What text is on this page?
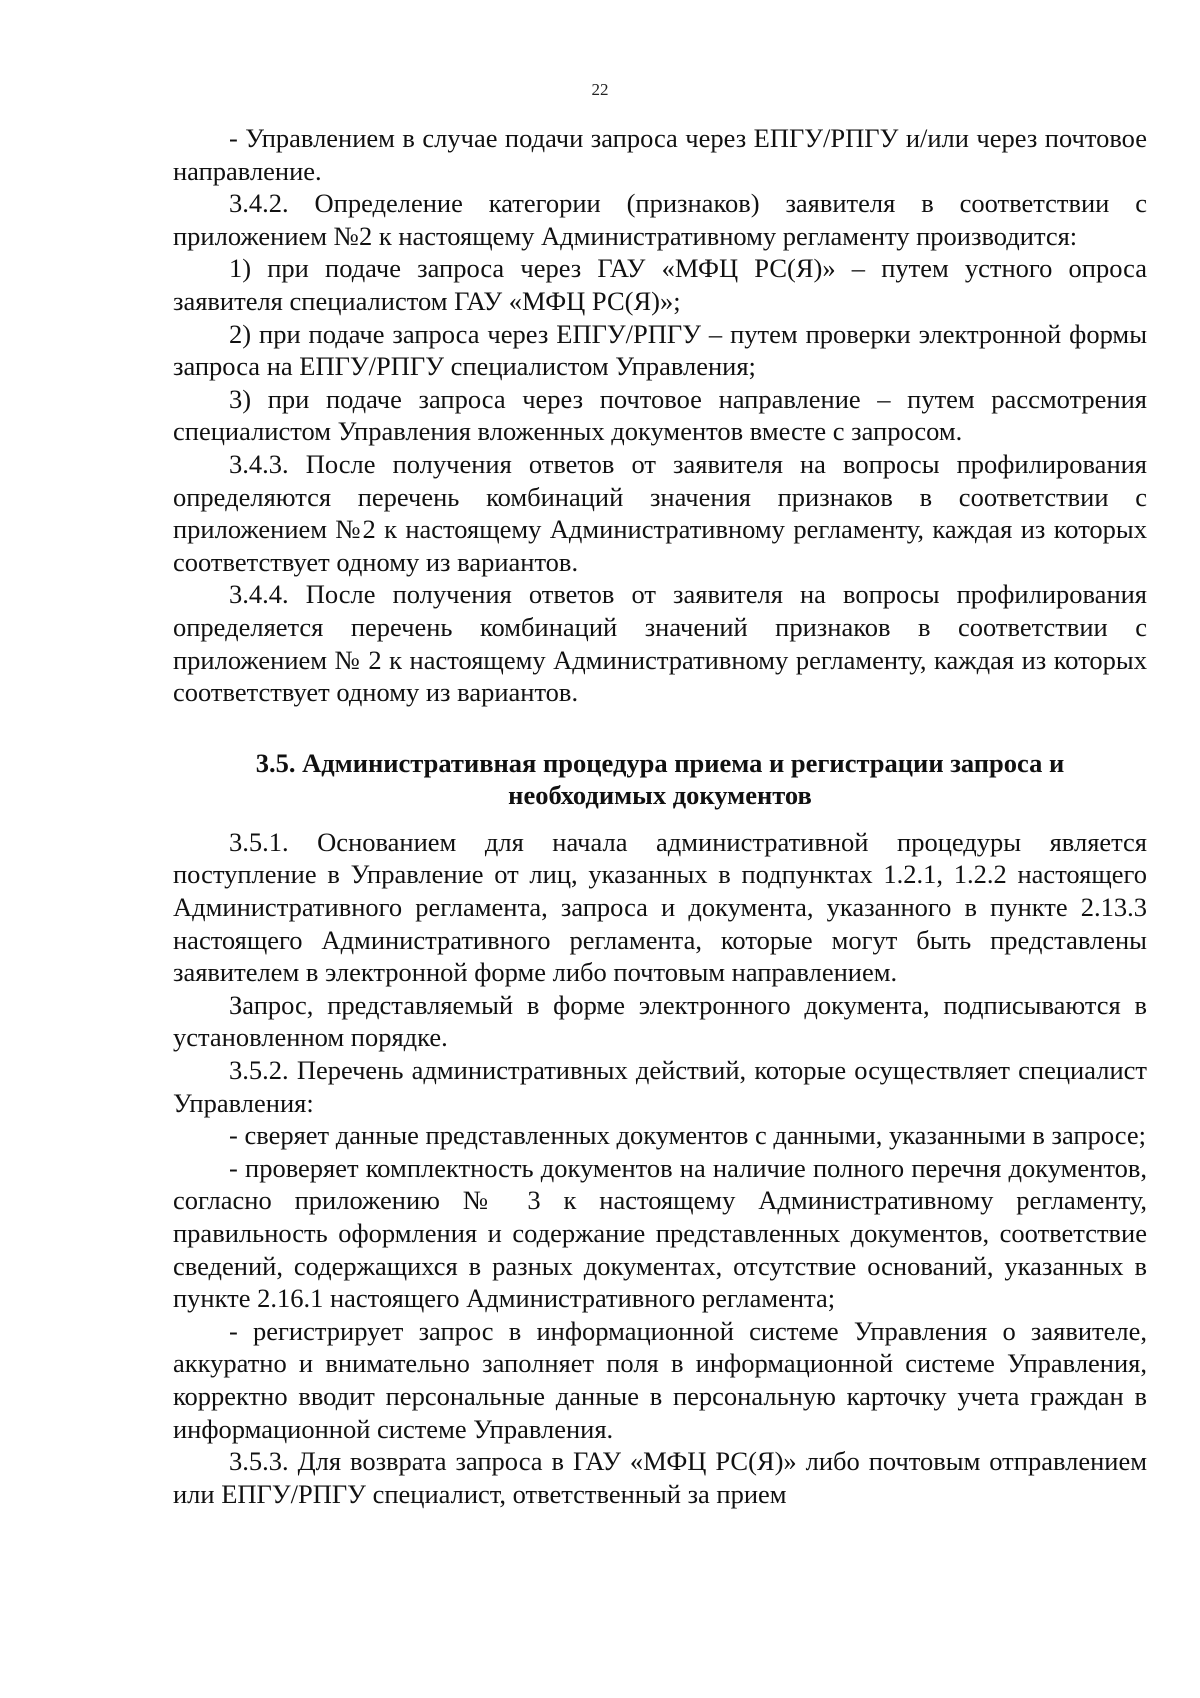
22

- Управлением в случае подачи запроса через ЕПГУ/РПГУ и/или через почтовое направление.

3.4.2. Определение категории (признаков) заявителя в соответствии с приложением №2 к настоящему Административному регламенту производится:

1) при подаче запроса через ГАУ «МФЦ РС(Я)» – путем устного опроса заявителя специалистом ГАУ «МФЦ РС(Я)»;

2) при подаче запроса через ЕПГУ/РПГУ – путем проверки электронной формы запроса на ЕПГУ/РПГУ специалистом Управления;

3) при подаче запроса через почтовое направление – путем рассмотрения специалистом Управления вложенных документов вместе с запросом.

3.4.3. После получения ответов от заявителя на вопросы профилирования определяются перечень комбинаций значения признаков в соответствии с приложением №2 к настоящему Административному регламенту, каждая из которых соответствует одному из вариантов.

3.4.4. После получения ответов от заявителя на вопросы профилирования определяется перечень комбинаций значений признаков в соответствии с приложением № 2 к настоящему Административному регламенту, каждая из которых соответствует одному из вариантов.

3.5. Административная процедура приема и регистрации запроса и
необходимых документов

3.5.1. Основанием для начала административной процедуры является поступление в Управление от лиц, указанных в подпунктах 1.2.1, 1.2.2 настоящего Административного регламента, запроса и документа, указанного в пункте 2.13.3 настоящего Административного регламента, которые могут быть представлены заявителем в электронной форме либо почтовым направлением.

Запрос, представляемый в форме электронного документа, подписываются в установленном порядке.

3.5.2. Перечень административных действий, которые осуществляет специалист Управления:

- сверяет данные представленных документов с данными, указанными в запросе;

- проверяет комплектность документов на наличие полного перечня документов, согласно приложению № 3 к настоящему Административному регламенту, правильность оформления и содержание представленных документов, соответствие сведений, содержащихся в разных документах, отсутствие оснований, указанных в пункте 2.16.1 настоящего Административного регламента;

- регистрирует запрос в информационной системе Управления о заявителе, аккуратно и внимательно заполняет поля в информационной системе Управления, корректно вводит персональные данные в персональную карточку учета граждан в информационной системе Управления.

3.5.3. Для возврата запроса в ГАУ «МФЦ РС(Я)» либо почтовым отправлением или ЕПГУ/РПГУ специалист, ответственный за прием
